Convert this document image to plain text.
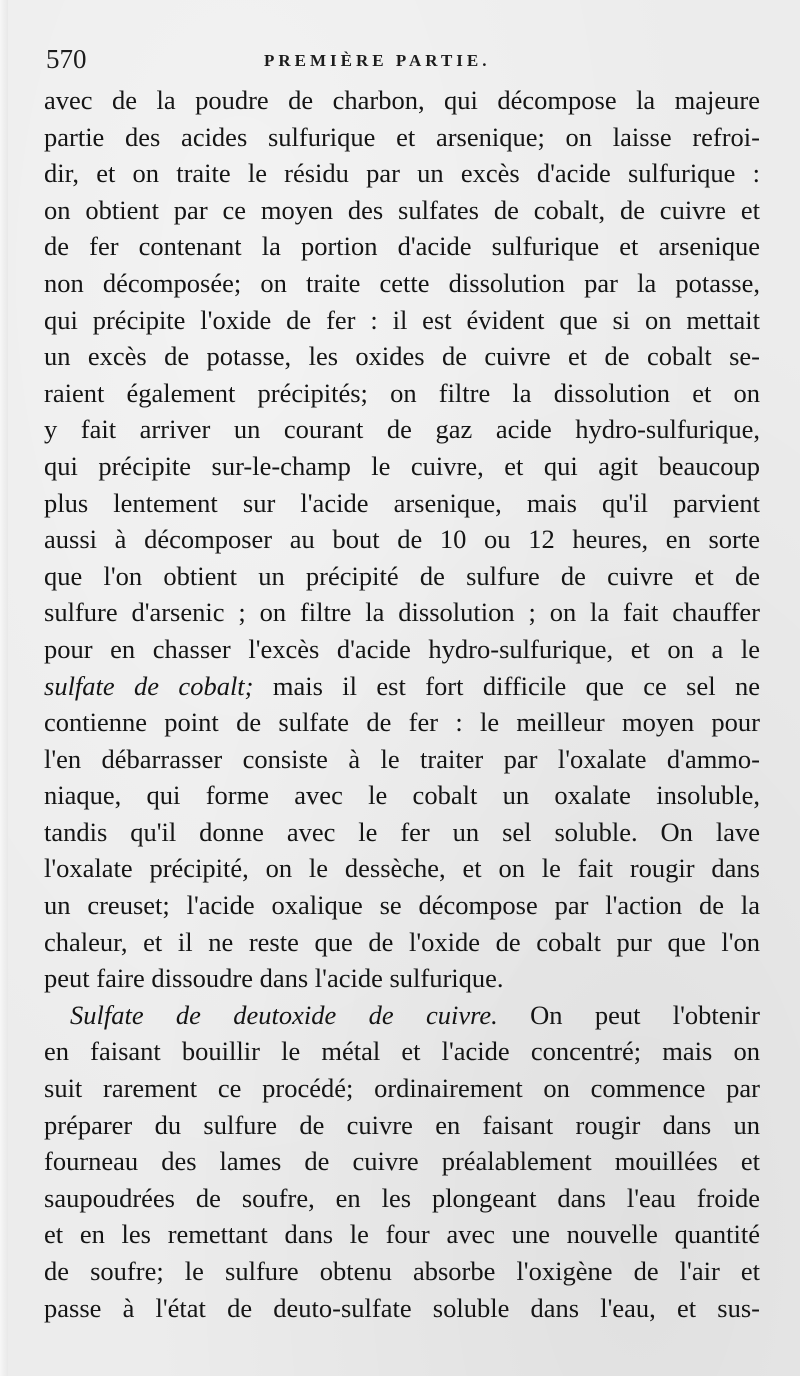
570	PREMIÈRE PARTIE.
avec de la poudre de charbon, qui décompose la majeure
partie des acides sulfurique et arsenique; on laisse refroi-
dir, et on traite le résidu par un excès d'acide sulfurique :
on obtient par ce moyen des sulfates de cobalt, de cuivre et
de fer contenant la portion d'acide sulfurique et arsenique
non décomposée; on traite cette dissolution par la potasse,
qui précipite l'oxide de fer : il est évident que si on mettait
un excès de potasse, les oxides de cuivre et de cobalt se-
raient également précipités; on filtre la dissolution et on
y fait arriver un courant de gaz acide hydro-sulfurique,
qui précipite sur-le-champ le cuivre, et qui agit beaucoup
plus lentement sur l'acide arsenique, mais qu'il parvient
aussi à décomposer au bout de 10 ou 12 heures, en sorte
que l'on obtient un précipité de sulfure de cuivre et de
sulfure d'arsenic ; on filtre la dissolution ; on la fait chauffer
pour en chasser l'excès d'acide hydro-sulfurique, et on a le
sulfate de cobalt; mais il est fort difficile que ce sel ne
contienne point de sulfate de fer : le meilleur moyen pour
l'en débarrasser consiste à le traiter par l'oxalate d'ammo-
niaque, qui forme avec le cobalt un oxalate insoluble,
tandis qu'il donne avec le fer un sel soluble. On lave
l'oxalate précipité, on le dessèche, et on le fait rougir dans
un creuset; l'acide oxalique se décompose par l'action de la
chaleur, et il ne reste que de l'oxide de cobalt pur que l'on
peut faire dissoudre dans l'acide sulfurique.
Sulfate de deutoxide de cuivre. On peut l'obtenir
en faisant bouillir le métal et l'acide concentré; mais on
suit rarement ce procédé; ordinairement on commence par
préparer du sulfure de cuivre en faisant rougir dans un
fourneau des lames de cuivre préalablement mouillées et
saupoudrées de soufre, en les plongeant dans l'eau froide
et en les remettant dans le four avec une nouvelle quantité
de soufre; le sulfure obtenu absorbe l'oxigène de l'air et
passe à l'état de deuto-sulfate soluble dans l'eau, et sus-
